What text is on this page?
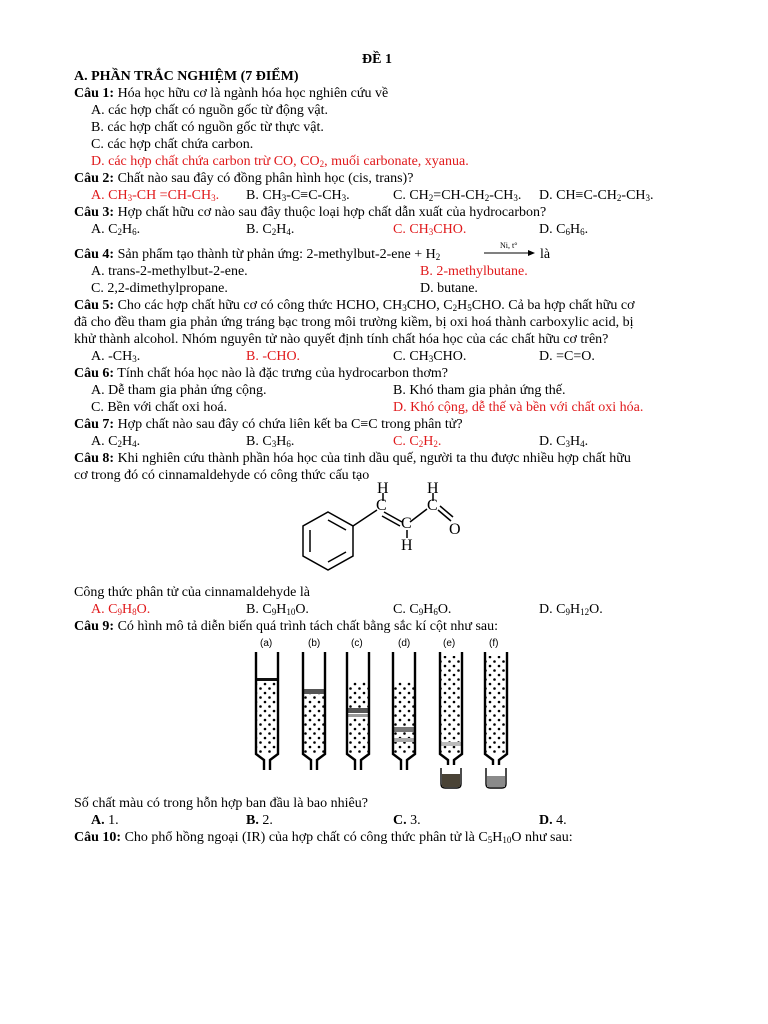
ĐỀ 1
A. PHẦN TRẮC NGHIỆM (7 ĐIỂM)
Câu 1: Hóa học hữu cơ là ngành hóa học nghiên cứu về
A. các hợp chất có nguồn gốc từ động vật.
B. các hợp chất có nguồn gốc từ thực vật.
C. các hợp chất chứa carbon.
D. các hợp chất chứa carbon trừ CO, $CO_2$, muối carbonate, xyanua.
Câu 2: Chất nào sau đây có đồng phân hình học (cis, trans)?
A. $CH_3-CH =CH-CH_3$. B. $CH_3-C\equiv C-CH_3$.	C. $CH_2=CH-CH_2-CH_3$. D. $CH\equiv C-CH_2-CH_3$.
Câu 3: Hợp chất hữu cơ nào sau đây thuộc loại hợp chất dẫn xuất của hydrocarbon?
A. $C_2H_6$.	B. $C_2H_4$.	C. $CH_3CHO$.	D. $C_6H_6$.
Câu 4: Sản phẩm tạo thành từ phản ứng: 2-methylbut-2-ene + $H_2$
Ni, t°
là
A. trans-2-methylbut-2-ene.	B. 2-methylbutane.
C. 2,2-dimethylpropane.	D. butane.
Câu 5: Cho các hợp chất hữu cơ có công thức HCHO, $CH_3CHO$, $C_2H_5CHO$. Cả ba hợp chất hữu cơ
đã cho đều tham gia phản ứng tráng bạc trong môi trường kiềm, bị oxi hoá thành carboxylic acid, bị
khử thành alcohol. Nhóm nguyên tử nào quyết định tính chất hóa học của các chất hữu cơ trên?
A. $-CH_3$.	B. -CHO.	C. $CH_3CHO$.	D. =C=O.
Câu 6: Tính chất hóa học nào là đặc trưng của hydrocarbon thơm?
A. Dễ tham gia phản ứng cộng.	B. Khó tham gia phản ứng thế.
C. Bền với chất oxi hoá.	D. Khó cộng, dễ thế và bền với chất oxi hóa.
Câu 7: Hợp chất nào sau đây có chứa liên kết ba C≡C trong phân tử?
A. $C_2H_4$.	B. $C_3H_6$.	C. $C_2H_2$.	D. $C_3H_4$.
Câu 8: Khi nghiên cứu thành phần hóa học của tinh dầu quế, người ta thu được nhiều hợp chất hữu
cơ trong đó có cinnamaldehyde có công thức cấu tạo
H H
C	C
C O
H
Công thức phân tử của cinnamaldehyde là
A. $C_9H_8O$.	B. $C_9H_{10}O$.	C. $C_9H_6O$.	D. $C_9H_{12}O$.
Câu 9: Có hình mô tả diễn biến quá trình tách chất bằng sắc kí cột như sau:
(a)	(b)	(c)	(d)	(e)	(f)
Số chất màu có trong hỗn hợp ban đầu là bao nhiêu?
A. 1.	B. 2.	C. 3.	D. 4.
Câu 10: Cho phổ hồng ngoại (IR) của hợp chất có công thức phân tử là $C_5H_{10}O$ như sau:
